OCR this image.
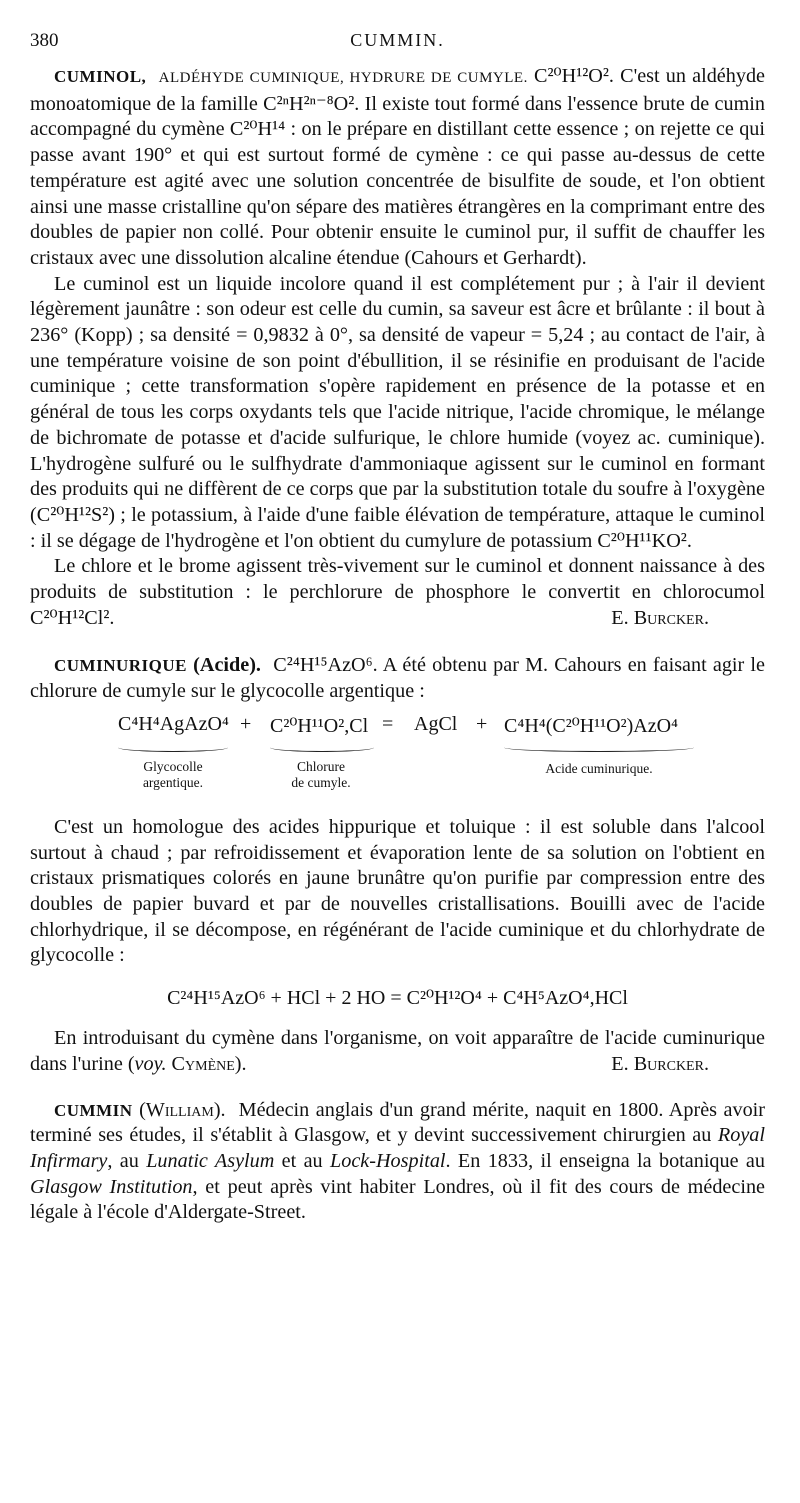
380	CUMMIN.

CUMINOL, ALDÉHYDE CUMINIQUE, HYDRURE DE CUMYLE. C²⁰H¹²O². C'est un aldéhyde monoatomique de la famille C²ⁿH²ⁿ⁻⁸O². Il existe tout formé dans l'essence brute de cumin accompagné du cymène C²⁰H¹⁴ : on le prépare en distillant cette essence ; on rejette ce qui passe avant 190° et qui est surtout formé de cymène : ce qui passe au-dessus de cette température est agité avec une solution concentrée de bisulfite de soude, et l'on obtient ainsi une masse cristalline qu'on sépare des matières étrangères en la comprimant entre des doubles de papier non collé. Pour obtenir ensuite le cuminol pur, il suffit de chauffer les cristaux avec une dissolution alcaline étendue (Cahours et Gerhardt).

Le cuminol est un liquide incolore quand il est complétement pur ; à l'air il devient légèrement jaunâtre : son odeur est celle du cumin, sa saveur est âcre et brûlante : il bout à 236° (Kopp) ; sa densité = 0,9832 à 0°, sa densité de vapeur = 5,24 ; au contact de l'air, à une température voisine de son point d'ébullition, il se résinifie en produisant de l'acide cuminique ; cette transformation s'opère rapidement en présence de la potasse et en général de tous les corps oxydants tels que l'acide nitrique, l'acide chromique, le mélange de bichromate de potasse et d'acide sulfurique, le chlore humide (voyez ac. cuminique). L'hydrogène sulfuré ou le sulfhydrate d'ammoniaque agissent sur le cuminol en formant des produits qui ne diffèrent de ce corps que par la substitution totale du soufre à l'oxygène (C²⁰H¹²S²) ; le potassium, à l'aide d'une faible élévation de température, attaque le cuminol : il se dégage de l'hydrogène et l'on obtient du cumylure de potassium C²⁰H¹¹KO².

Le chlore et le brome agissent très-vivement sur le cuminol et donnent naissance à des produits de substitution : le perchlorure de phosphore le convertit en chlorocumol C²⁰H¹²Cl².	E. Burcker.

CUMINURIQUE (Acide). C²⁴H¹⁵AzO⁶. A été obtenu par M. Cahours en faisant agir le chlorure de cumyle sur le glycocolle argentique :

C⁴H⁴AgAzO⁴ + C²⁰H¹¹O²,Cl = AgCl + C⁴H⁴(C²⁰H¹¹O²)AzO⁴
Glycocolle
argentique.
Chlorure
de cumyle.
Acide cuminurique.

C'est un homologue des acides hippurique et toluique : il est soluble dans l'alcool surtout à chaud ; par refroidissement et évaporation lente de sa solution on l'obtient en cristaux prismatiques colorés en jaune brunâtre qu'on purifie par compression entre des doubles de papier buvard et par de nouvelles cristallisations. Bouilli avec de l'acide chlorhydrique, il se décompose, en régénérant de l'acide cuminique et du chlorhydrate de glycocolle :

C²⁴H¹⁵AzO⁶ + HCl + 2 HO = C²⁰H¹²O⁴ + C⁴H⁵AzO⁴,HCl

En introduisant du cymène dans l'organisme, on voit apparaître de l'acide cuminurique dans l'urine (voy. Cymène).	E. Burcker.

CUMMIN (William). Médecin anglais d'un grand mérite, naquit en 1800. Après avoir terminé ses études, il s'établit à Glasgow, et y devint successivement chirurgien au Royal Infirmary, au Lunatic Asylum et au Lock-Hospital. En 1833, il enseigna la botanique au Glasgow Institution, et peut après vint habiter Londres, où il fit des cours de médecine légale à l'école d'Aldergate-Street.
